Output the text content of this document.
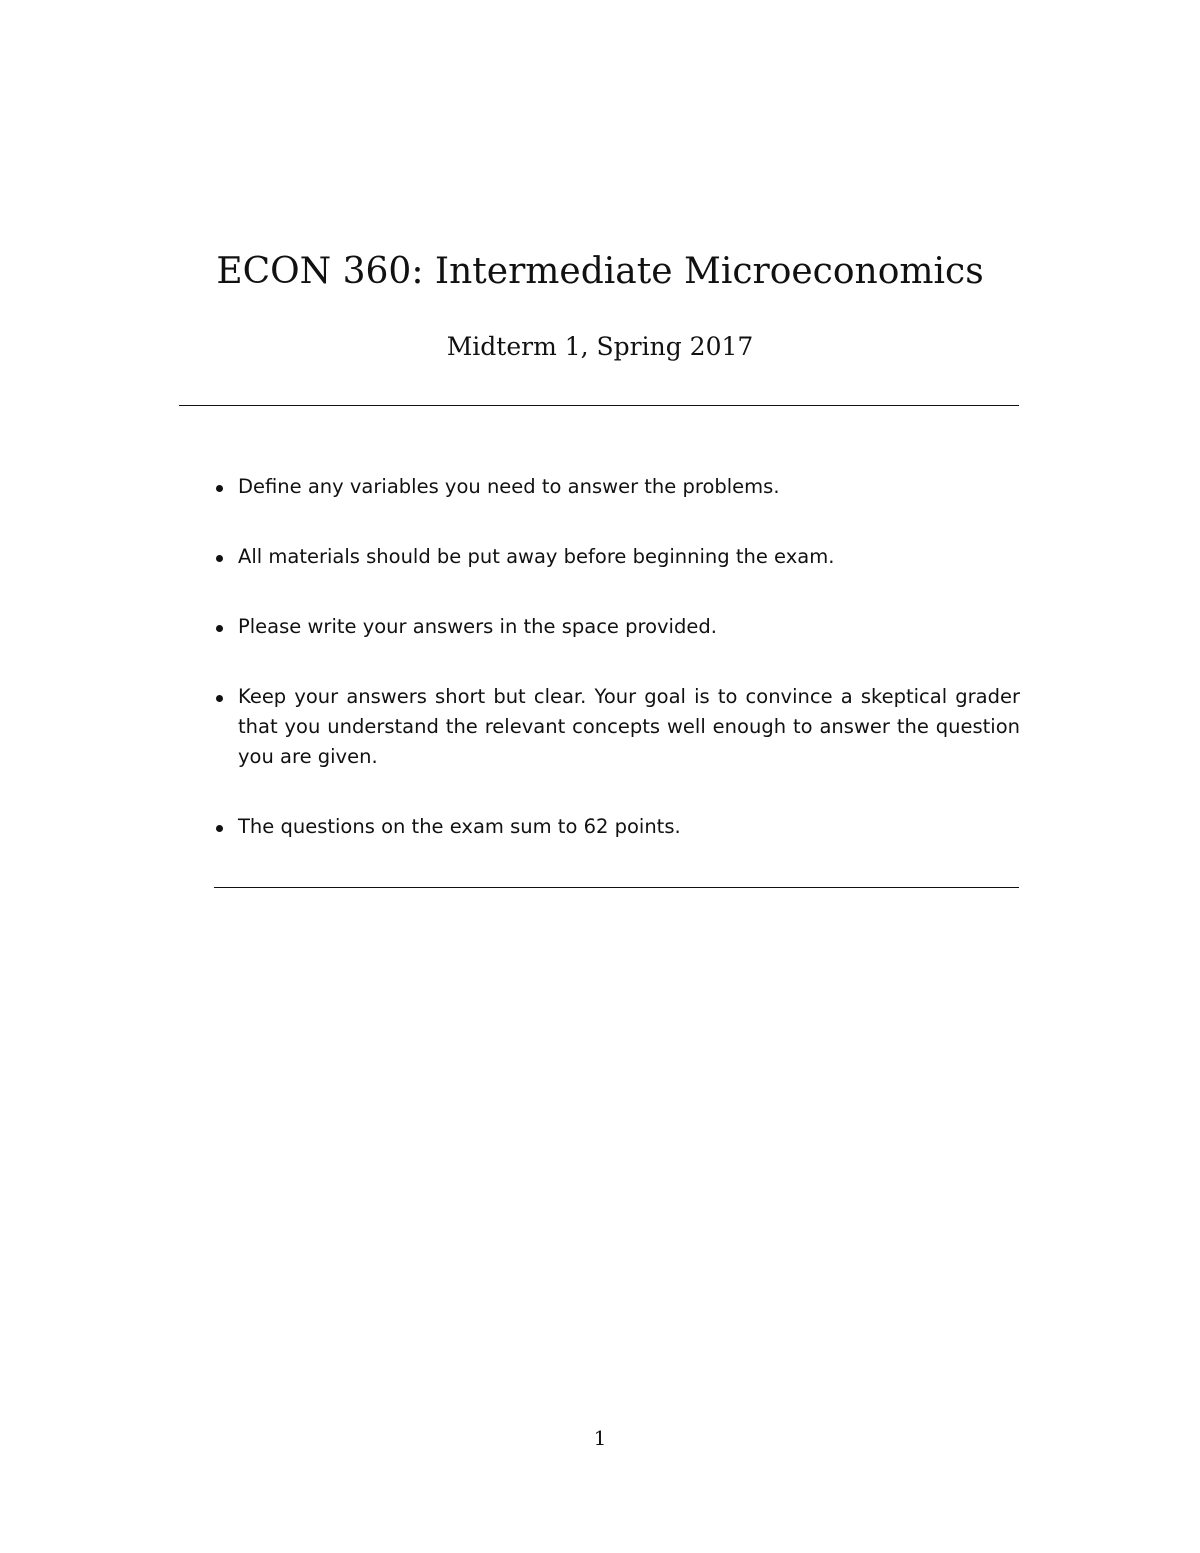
ECON 360: Intermediate Microeconomics

Midterm 1, Spring 2017

Define any variables you need to answer the problems.
All materials should be put away before beginning the exam.
Please write your answers in the space provided.
Keep your answers short but clear. Your goal is to convince a skeptical grader that you understand the relevant concepts well enough to answer the question you are given.
The questions on the exam sum to 62 points.
1
